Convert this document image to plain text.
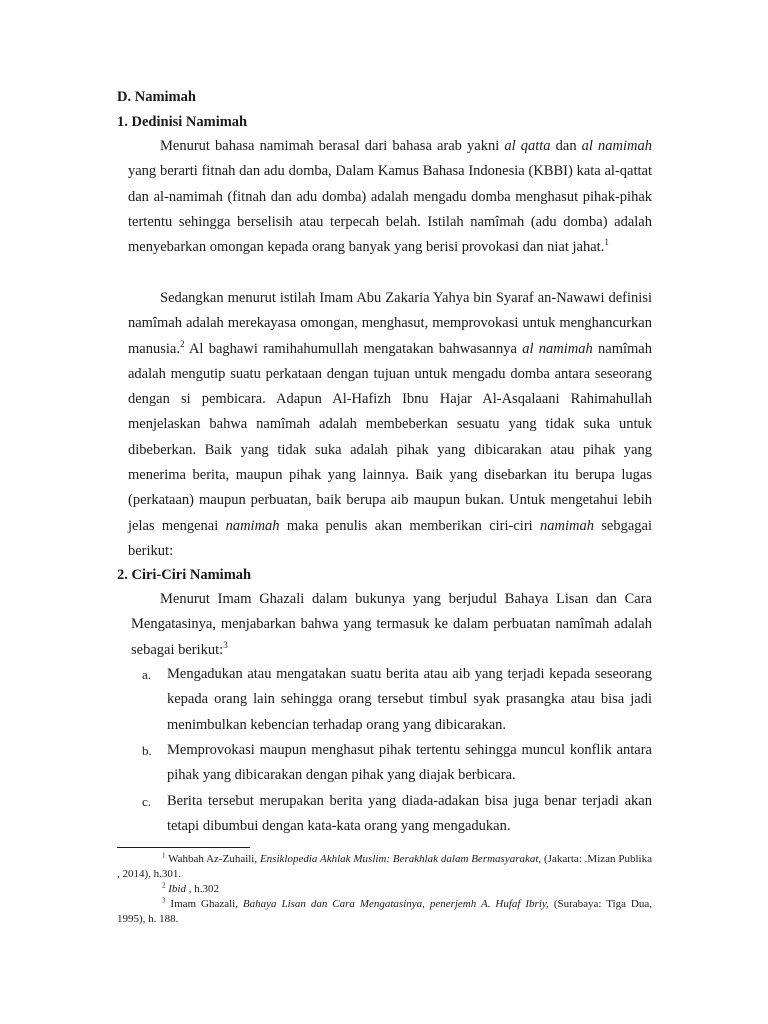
D. Namimah
1. Dedinisi Namimah

Menurut bahasa namimah berasal dari bahasa arab yakni al qatta dan al namimah yang berarti fitnah dan adu domba, Dalam Kamus Bahasa Indonesia (KBBI) kata al-qattat dan al-namimah (fitnah dan adu domba) adalah mengadu domba menghasut pihak-pihak tertentu sehingga berselisih atau terpecah belah. Istilah namîmah (adu domba) adalah menyebarkan omongan kepada orang banyak yang berisi provokasi dan niat jahat.$^1$

Sedangkan menurut istilah Imam Abu Zakaria Yahya bin Syaraf an-Nawawi definisi namîmah adalah merekayasa omongan, menghasut, memprovokasi untuk menghancurkan manusia.$^2$ Al baghawi ramihahumullah mengatakan bahwasannya al namimah namîmah adalah mengutip suatu perkataan dengan tujuan untuk mengadu domba antara seseorang dengan si pembicara. Adapun Al-Hafizh Ibnu Hajar Al-Asqalaani Rahimahullah menjelaskan bahwa namîmah adalah membeberkan sesuatu yang tidak suka untuk dibeberkan. Baik yang tidak suka adalah pihak yang dibicarakan atau pihak yang menerima berita, maupun pihak yang lainnya. Baik yang disebarkan itu berupa lugas (perkataan) maupun perbuatan, baik berupa aib maupun bukan. Untuk mengetahui lebih jelas mengenai namimah maka penulis akan memberikan ciri-ciri namimah sebgagai berikut:

2. Ciri-Ciri Namimah

Menurut Imam Ghazali dalam bukunya yang berjudul Bahaya Lisan dan Cara Mengatasinya, menjabarkan bahwa yang termasuk ke dalam perbuatan namîmah adalah sebagai berikut:$^3$

a.	Mengadukan atau mengatakan suatu berita atau aib yang terjadi kepada seseorang kepada orang lain sehingga orang tersebut timbul syak prasangka atau bisa jadi menimbulkan kebencian terhadap orang yang dibicarakan.
b.	Memprovokasi maupun menghasut pihak tertentu sehingga muncul konflik antara pihak yang dibicarakan dengan pihak yang diajak berbicara.
c.	Berita tersebut merupakan berita yang diada-adakan bisa juga benar terjadi akan tetapi dibumbui dengan kata-kata orang yang mengadukan.

$^1$ Wahbah Az-Zuhaili, Ensiklopedia Akhlak Muslim: Berakhlak dalam Bermasyarakat, (Jakarta: .Mizan Publika , 2014), h.301.

$^2$ Ibid , h.302

$^3$ Imam Ghazali, Bahaya Lisan dan Cara Mengatasinya, penerjemh A. Hufaf Ibriy, (Surabaya: Tiga Dua, 1995), h. 188.
